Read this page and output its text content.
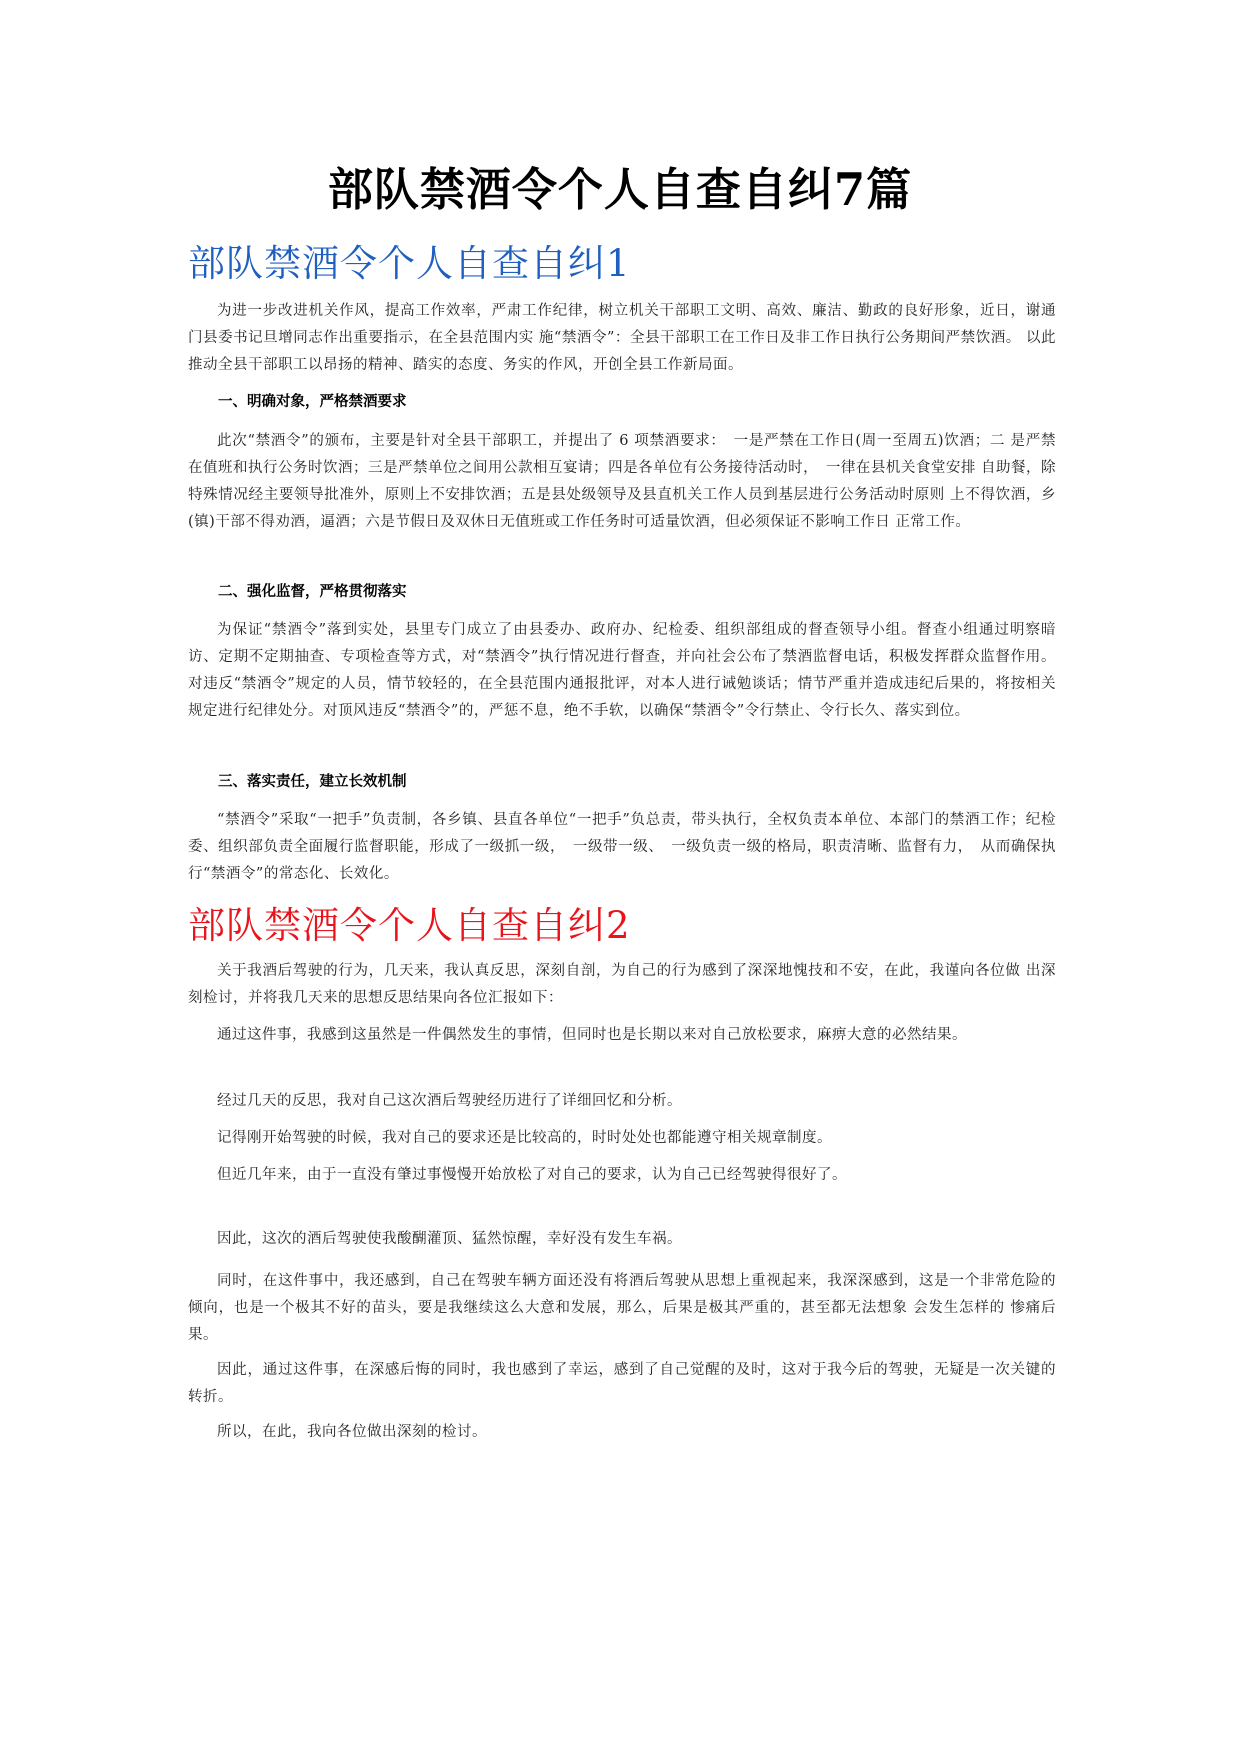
部队禁酒令个人自查自纠7篇
部队禁酒令个人自查自纠1

为进一步改进机关作风，提高工作效率，严肃工作纪律，树立机关干部职工文明、高效、廉洁、勤政的良好形象，近日，谢通门县委书记旦增同志作出重要指示，在全县范围内实 施“禁酒令”：全县干部职工在工作日及非工作日执行公务期间严禁饮酒。 以此推动全县干部职工以昂扬的精神、踏实的态度、务实的作风，开创全县工作新局面。

一、明确对象，严格禁酒要求

此次“禁酒令”的颁布，主要是针对全县干部职工，并提出了 6 项禁酒要求：　一是严禁在工作日(周一至周五)饮酒；二 是严禁在值班和执行公务时饮酒；三是严禁单位之间用公款相互宴请；四是各单位有公务接待活动时，　一律在县机关食堂安排 自助餐，除特殊情况经主要领导批准外，原则上不安排饮酒；五是县处级领导及县直机关工作人员到基层进行公务活动时原则 上不得饮酒，乡(镇)干部不得劝酒，逼酒；六是节假日及双休日无值班或工作任务时可适量饮酒，但必须保证不影响工作日 正常工作。

二、强化监督，严格贯彻落实

为保证“禁酒令”落到实处，县里专门成立了由县委办、政府办、纪检委、组织部组成的督查领导小组。督查小组通过明察暗访、定期不定期抽查、专项检查等方式，对“禁酒令”执行情况进行督查，并向社会公布了禁酒监督电话，积极发挥群众监督作用。对违反“禁酒令”规定的人员，情节较轻的，在全县范围内通报批评，对本人进行诫勉谈话；情节严重并造成违纪后果的，将按相关规定进行纪律处分。对顶风违反“禁酒令”的，严惩不息，绝不手软，以确保“禁酒令”令行禁止、令行长久、落实到位。

三、落实责任，建立长效机制

“禁酒令”采取“一把手”负责制，各乡镇、县直各单位“一把手”负总责，带头执行，全权负责本单位、本部门的禁酒工作；纪检委、组织部负责全面履行监督职能，形成了一级抓一级，　一级带一级、　一级负责一级的格局，职责清晰、监督有力，　从而确保执行“禁酒令”的常态化、长效化。

部队禁酒令个人自查自纠2

关于我酒后驾驶的行为，几天来，我认真反思，深刻自剖，为自己的行为感到了深深地愧技和不安，在此，我谨向各位做 出深刻检讨，并将我几天来的思想反思结果向各位汇报如下：

通过这件事，我感到这虽然是一件偶然发生的事情，但同时也是长期以来对自己放松要求，麻痹大意的必然结果。

经过几天的反思，我对自己这次酒后驾驶经历进行了详细回忆和分析。

记得刚开始驾驶的时候，我对自己的要求还是比较高的，时时处处也都能遵守相关规章制度。

但近几年来，由于一直没有肇过事慢慢开始放松了对自己的要求，认为自己已经驾驶得很好了。

因此，这次的酒后驾驶使我酸醐灌顶、猛然惊醒，幸好没有发生车祸。

同时，在这件事中，我还感到，自己在驾驶车辆方面还没有将酒后驾驶从思想上重视起来，我深深感到，这是一个非常危险的倾向，也是一个极其不好的苗头，要是我继续这么大意和发展，那么，后果是极其严重的，甚至都无法想象 会发生怎样的 惨痛后果。

因此，通过这件事，在深感后悔的同时，我也感到了幸运，感到了自己觉醒的及时，这对于我今后的驾驶，无疑是一次关键的转折。

所以，在此，我向各位做出深刻的检讨。
